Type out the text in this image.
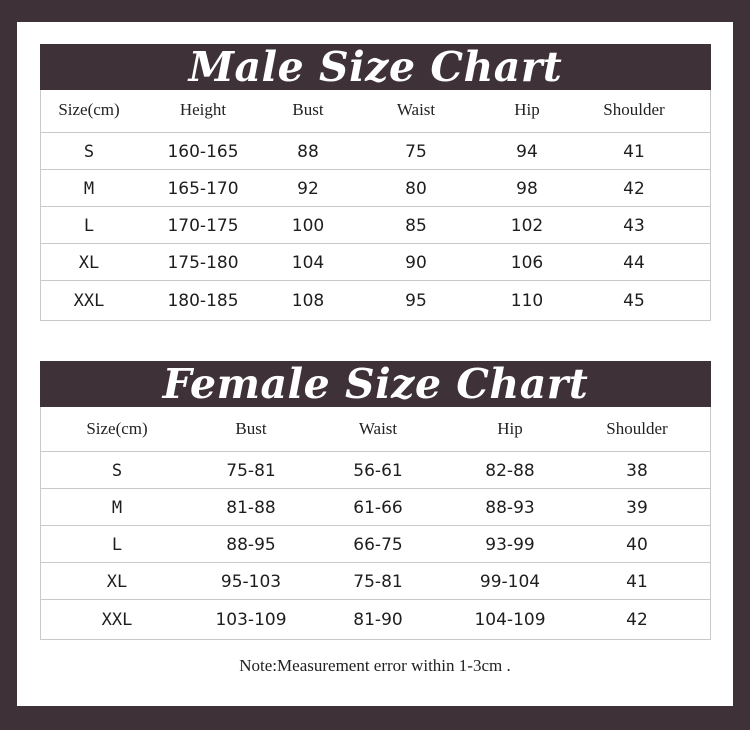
Male Size Chart
Size(cm)	Height	Bust	Waist	Hip	Shoulder
S	160-165	88	75	94	41
M	165-170	92	80	98	42
L	170-175	100	85	102	43
XL	175-180	104	90	106	44
XXL	180-185	108	95	110	45
Female Size Chart
Size(cm)	Bust	Waist	Hip	Shoulder
S	75-81	56-61	82-88	38
M	81-88	61-66	88-93	39
L	88-95	66-75	93-99	40
XL	95-103	75-81	99-104	41
XXL	103-109	81-90	104-109	42
Note:Measurement error within 1-3cm .
